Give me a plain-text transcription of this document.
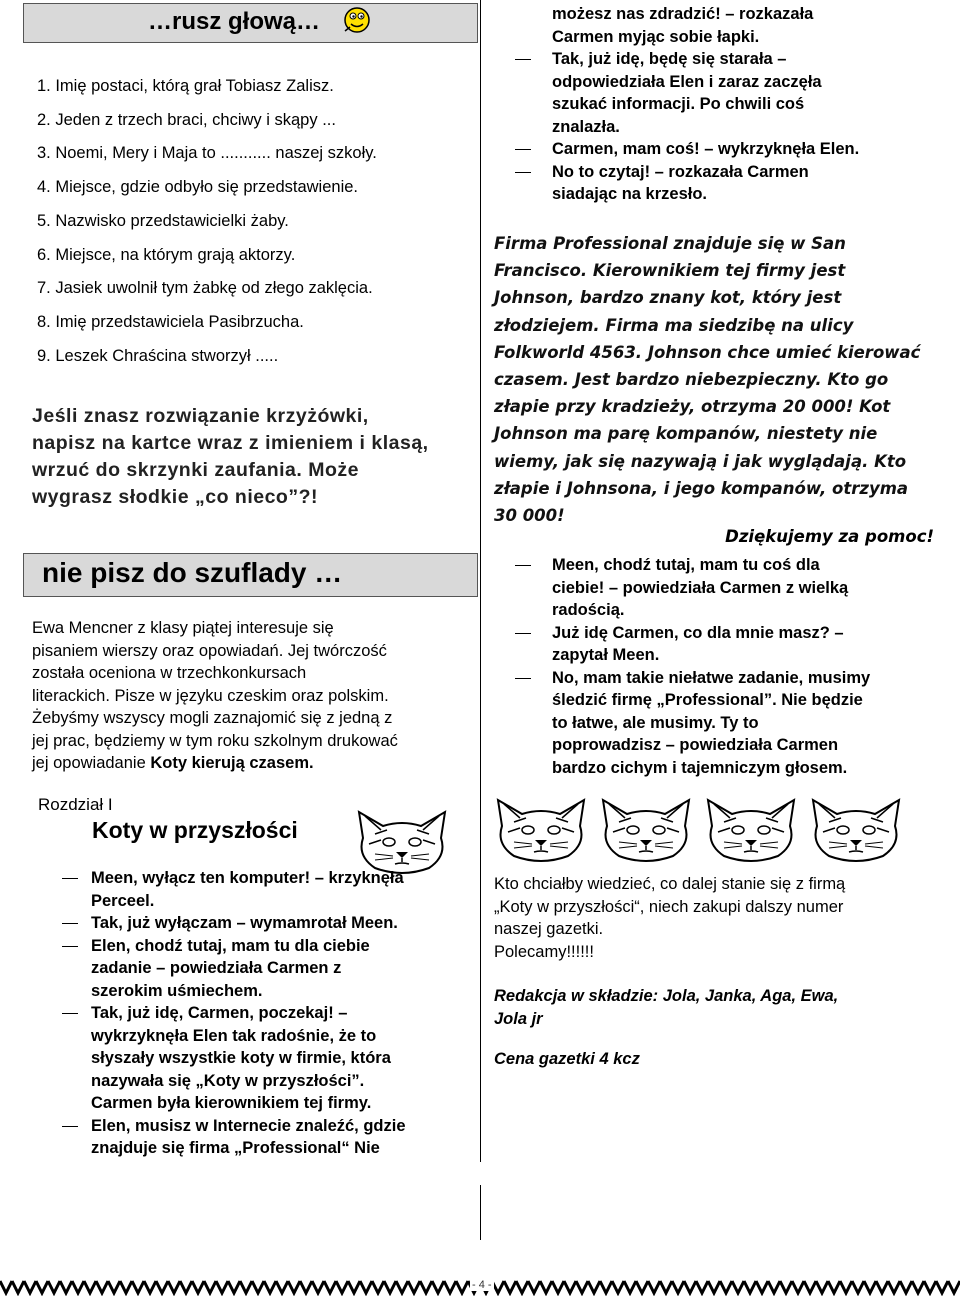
…rusz głową…
1. Imię postaci, którą grał Tobiasz Zalisz.
2. Jeden z trzech braci, chciwy i skąpy ...
3. Noemi, Mery i Maja to ........... naszej szkoły.
4. Miejsce, gdzie odbyło się przedstawienie.
5. Nazwisko przedstawicielki żaby.
6. Miejsce, na którym grają aktorzy.
7. Jasiek uwolnił tym żabkę od złego zaklęcia.
8. Imię przedstawiciela Pasibrzucha.
9. Leszek Chraścina stworzył .....
Jeśli znasz rozwiązanie krzyżówki,
napisz na kartce wraz z imieniem i klasą,
wrzuć do skrzynki zaufania. Może
wygrasz słodkie „co nieco”?!
nie pisz do szuflady …
Ewa Mencner z klasy piątej interesuje się
pisaniem wierszy oraz opowiadań. Jej twórczość
została oceniona w trzechkonkursach
literackich. Pisze w języku czeskim oraz polskim.
Żebyśmy wszyscy mogli zaznajomić się z jedną z
jej prac, będziemy w tym roku szkolnym drukować
jej opowiadanie Koty kierują czasem.
Rozdział I
Koty w przyszłości
Meen, wyłącz ten komputer! – krzyknęła
Perceel.
Tak, już wyłączam – wymamrotał Meen.
Elen, chodź tutaj, mam tu dla ciebie
zadanie – powiedziała Carmen z
szerokim uśmiechem.
Tak, już idę, Carmen, poczekaj! –
wykrzyknęła Elen tak radośnie, że to
słyszały wszystkie koty w firmie, która
nazywała się „Koty w przyszłości”.
Carmen była kierownikiem tej firmy.
Elen, musisz w Internecie znaleźć, gdzie
znajduje się firma „Professional“ Nie
możesz nas zdradzić! – rozkazała
Carmen myjąc sobie łapki.
Tak, już idę, będę się starała –
odpowiedziała Elen i zaraz zaczęła
szukać informacji. Po chwili coś
znalazła.
Carmen, mam coś! – wykrzyknęła Elen.
No to czytaj! – rozkazała Carmen
siadając na krzesło.
Firma Professional znajduje się w San
Francisco. Kierownikiem tej firmy jest
Johnson, bardzo znany kot, który jest
złodziejem. Firma ma siedzibę na ulicy
Folkworld 4563. Johnson chce umieć kierować
czasem. Jest bardzo niebezpieczny. Kto go
złapie przy kradzieży, otrzyma 20 000! Kot
Johnson ma parę kompanów, niestety nie
wiemy, jak się nazywają i jak wyglądają. Kto
złapie i Johnsona, i jego kompanów, otrzyma
30 000!
Dziękujemy za pomoc!
Meen, chodź tutaj, mam tu coś dla
ciebie! – powiedziała Carmen z wielką
radością.
Już idę Carmen, co dla mnie masz? –
zapytał Meen.
No, mam takie niełatwe zadanie, musimy
śledzić firmę „Professional”. Nie będzie
to łatwe, ale musimy. Ty to
poprowadzisz – powiedziała Carmen
bardzo cichym i tajemniczym głosem.
Kto chciałby wiedzieć, co dalej stanie się z firmą
„Koty w przyszłości“, niech zakupi dalszy numer
naszej gazetki.
Polecamy!!!!!!
Redakcja w składzie: Jola, Janka, Aga, Ewa,
Jola jr
Cena gazetki 4 kcz
- 4 -
